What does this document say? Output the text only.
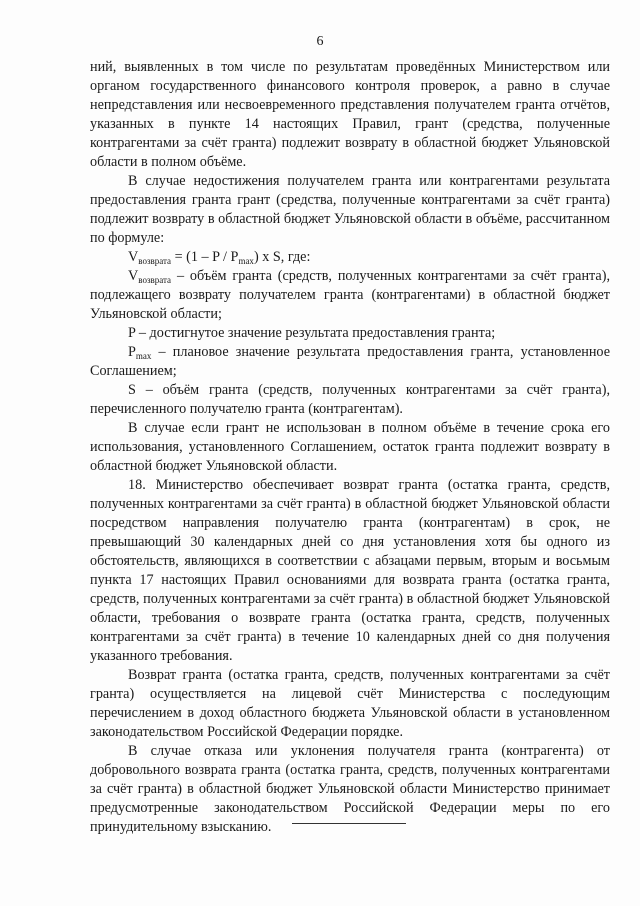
6

ний, выявленных в том числе по результатам проведённых Министерством или органом государственного финансового контроля проверок, а равно в случае непредставления или несвоевременного представления получателем гранта отчётов, указанных в пункте 14 настоящих Правил, грант (средства, полученные контрагентами за счёт гранта) подлежит возврату в областной бюджет Ульяновской области в полном объёме.

В случае недостижения получателем гранта или контрагентами результата предоставления гранта грант (средства, полученные контрагентами за счёт гранта) подлежит возврату в областной бюджет Ульяновской области в объёме, рассчитанном по формуле:

$V_{возврата} = (1 - P / P_{max})$ x S, где:

$V_{возврата}$ – объём гранта (средств, полученных контрагентами за счёт гранта), подлежащего возврату получателем гранта (контрагентами) в областной бюджет Ульяновской области;

P – достигнутое значение результата предоставления гранта;

$P_{max}$ – плановое значение результата предоставления гранта, установленное Соглашением;

S – объём гранта (средств, полученных контрагентами за счёт гранта), перечисленного получателю гранта (контрагентам).

В случае если грант не использован в полном объёме в течение срока его использования, установленного Соглашением, остаток гранта подлежит возврату в областной бюджет Ульяновской области.

18. Министерство обеспечивает возврат гранта (остатка гранта, средств, полученных контрагентами за счёт гранта) в областной бюджет Ульяновской области посредством направления получателю гранта (контрагентам) в срок, не превышающий 30 календарных дней со дня установления хотя бы одного из обстоятельств, являющихся в соответствии с абзацами первым, вторым и восьмым пункта 17 настоящих Правил основаниями для возврата гранта (остатка гранта, средств, полученных контрагентами за счёт гранта) в областной бюджет Ульяновской области, требования о возврате гранта (остатка гранта, средств, полученных контрагентами за счёт гранта) в течение 10 календарных дней со дня получения указанного требования.

Возврат гранта (остатка гранта, средств, полученных контрагентами за счёт гранта) осуществляется на лицевой счёт Министерства с последующим перечислением в доход областного бюджета Ульяновской области в установленном законодательством Российской Федерации порядке.

В случае отказа или уклонения получателя гранта (контрагента) от добровольного возврата гранта (остатка гранта, средств, полученных контрагентами за счёт гранта) в областной бюджет Ульяновской области Министерство принимает предусмотренные законодательством Российской Федерации меры по его принудительному взысканию.
